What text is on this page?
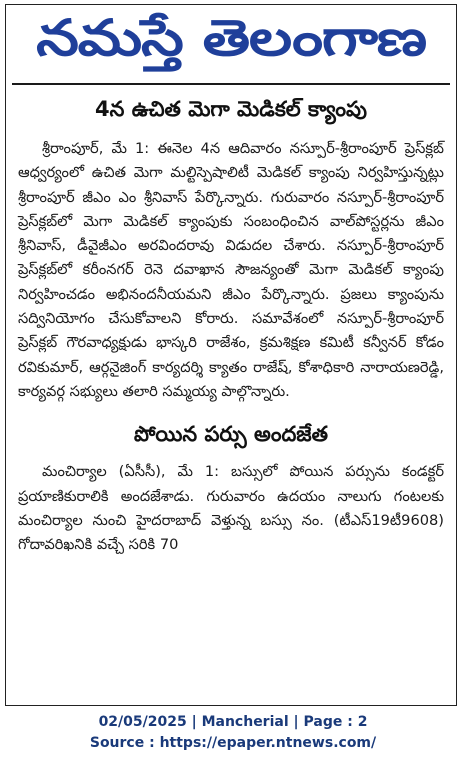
నమస్తే తెలంగాణ
4న ఉచిత మెగా మెడికల్ క్యాంపు

శ్రీరాంపూర్, మే 1: ఈనెల 4న ఆదివారం నస్పూర్-శ్రీరాంపూర్ ప్రెస్‌క్లబ్ ఆధ్వర్యంలో ఉచిత మెగా మల్టిస్పెషాలిటీ మెడికల్ క్యాంపు నిర్వహిస్తున్నట్లు శ్రీరాంపూర్ జీఎం ఎం శ్రీనివాస్ పేర్కొన్నారు. గురువారం నస్పూర్-శ్రీరాంపూర్ ప్రెస్‌క్లబ్‌లో మెగా మెడికల్ క్యాంపుకు సంబంధించిన వాల్‌పోస్టర్లను జీఎం శ్రీనివాస్, డీవైజీఎం అరవిందరావు విడుదల చేశారు. నస్పూర్-శ్రీరాంపూర్ ప్రెస్‌క్లబ్‌లో కరీంనగర్ రెనె దవాఖాన సౌజన్యంతో మెగా మెడికల్ క్యాంపు నిర్వహించడం అభినందనీయమని జీఎం పేర్కొన్నారు. ప్రజలు క్యాంపును సద్వినియోగం చేసుకోవాలని కోరారు. సమావేశంలో నస్పూర్-శ్రీరాంపూర్ ప్రెస్‌క్లబ్ గౌరవాధ్యక్షుడు భాస్కరి రాజేశం, క్రమశిక్షణ కమిటీ కన్వీనర్ కోడం రవికుమార్, ఆర్గనైజింగ్ కార్యదర్శి క్యాతం రాజేష్, కోశాధికారి నారాయణరెడ్డి, కార్యవర్గ సభ్యులు తలారి సమ్మయ్య పాల్గొన్నారు.

పోయిన పర్సు అందజేత

మంచిర్యాల (ఏసీసీ), మే 1: బస్సులో పోయిన పర్సును కండక్టర్ ప్రయాణికురాలికి అందజేశాడు. గురువారం ఉదయం నాలుగు గంటలకు మంచిర్యాల నుంచి హైదరాబాద్ వెళ్తున్న బస్సు నం. (టీఎస్19టీ9608) గోదావరిఖనికి వచ్చే సరికి 70

02/05/2025 | Mancherial | Page : 2
Source : https://epaper.ntnews.com/
